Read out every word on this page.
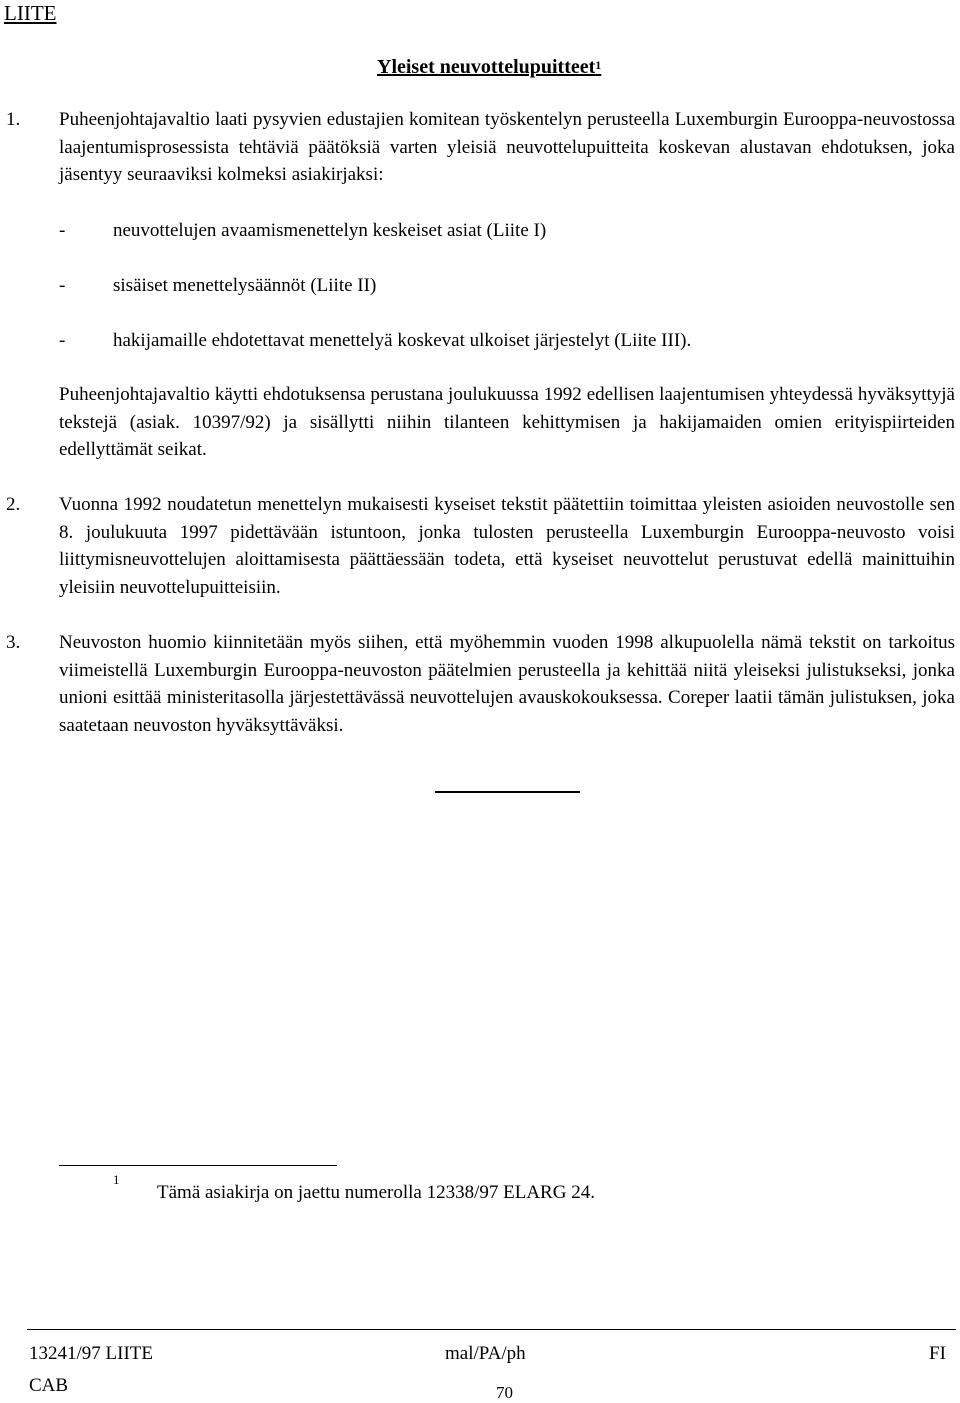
LIITE
Yleiset neuvottelupuitteet$^1$
1. Puheenjohtajavaltio laati pysyvien edustajien komitean työskentelyn perusteella Luxemburgin Eurooppa-neuvostossa laajentumisprosessista tehtäviä päätöksiä varten yleisiä neuvottelupuitteita koskevan alustavan ehdotuksen, joka jäsentyy seuraaviksi kolmeksi asiakirjaksi:
-	neuvottelujen avaamismenettelyn keskeiset asiat (Liite I)
-	sisäiset menettelysäännöt (Liite II)
-	hakijamaille ehdotettavat menettelyä koskevat ulkoiset järjestelyt (Liite III).
Puheenjohtajavaltio käytti ehdotuksensa perustana joulukuussa 1992 edellisen laajentumisen yhteydessä hyväksyttyjä tekstejä (asiak. 10397/92) ja sisällytti niihin tilanteen kehittymisen ja hakijamaiden omien erityispiirteiden edellyttämät seikat.
2. Vuonna 1992 noudatetun menettelyn mukaisesti kyseiset tekstit päätettiin toimittaa yleisten asioiden neuvostolle sen 8. joulukuuta 1997 pidettävään istuntoon, jonka tulosten perusteella Luxemburgin Eurooppa-neuvosto voisi liittymisneuvottelujen aloittamisesta päättäessään todeta, että kyseiset neuvottelut perustuvat edellä mainittuihin yleisiin neuvottelupuitteisiin.
3. Neuvoston huomio kiinnitetään myös siihen, että myöhemmin vuoden 1998 alkupuolella nämä tekstit on tarkoitus viimeistellä Luxemburgin Eurooppa-neuvoston päätelmien perusteella ja kehittää niitä yleiseksi julistukseksi, jonka unioni esittää ministeritasolla järjestettävässä neuvottelujen avauskokouksessa. Coreper laatii tämän julistuksen, joka saatetaan neuvoston hyväksyttäväksi.
1
Tämä asiakirja on jaettu numerolla 12338/97 ELARG 24.
13241/97 LIITE	mal/PA/ph	FI
CAB	70
